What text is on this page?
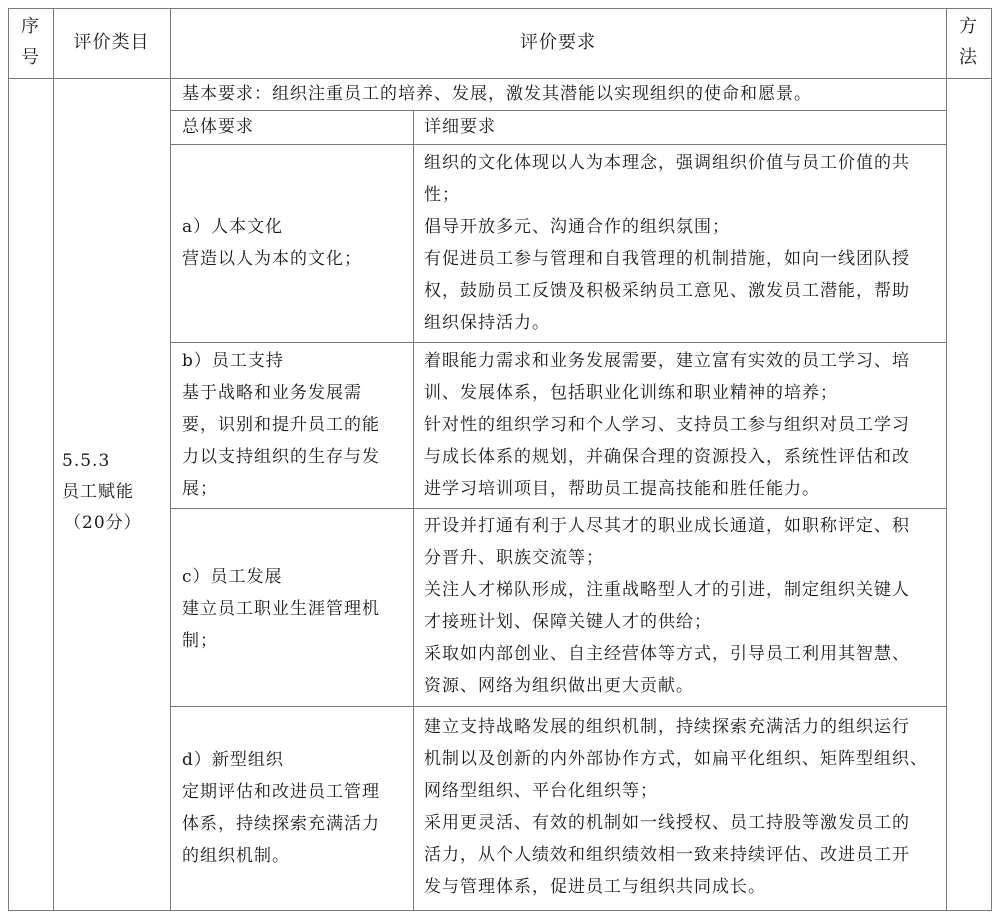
序
号
评价类目	评价要求
方
法
5.5.3
员工赋能
（20分）
基本要求：组织注重员工的培养、发展，激发其潜能以实现组织的使命和愿景。
总体要求	详细要求
a）人本文化
营造以人为本的文化；
组织的文化体现以人为本理念，强调组织价值与员工价值的共
性；
倡导开放多元、沟通合作的组织氛围；
有促进员工参与管理和自我管理的机制措施，如向一线团队授
权，鼓励员工反馈及积极采纳员工意见、激发员工潜能，帮助
组织保持活力。
b）员工支持
基于战略和业务发展需
要，识别和提升员工的能
力以支持组织的生存与发
展；
着眼能力需求和业务发展需要，建立富有实效的员工学习、培
训、发展体系，包括职业化训练和职业精神的培养；
针对性的组织学习和个人学习、支持员工参与组织对员工学习
与成长体系的规划，并确保合理的资源投入，系统性评估和改
进学习培训项目，帮助员工提高技能和胜任能力。
c）员工发展
建立员工职业生涯管理机
制；
开设并打通有利于人尽其才的职业成长通道，如职称评定、积
分晋升、职族交流等；
关注人才梯队形成，注重战略型人才的引进，制定组织关键人
才接班计划、保障关键人才的供给；
采取如内部创业、自主经营体等方式，引导员工利用其智慧、
资源、网络为组织做出更大贡献。
d）新型组织
定期评估和改进员工管理
体系，持续探索充满活力
的组织机制。
建立支持战略发展的组织机制，持续探索充满活力的组织运行
机制以及创新的内外部协作方式，如扁平化组织、矩阵型组织、
网络型组织、平台化组织等；
采用更灵活、有效的机制如一线授权、员工持股等激发员工的
活力，从个人绩效和组织绩效相一致来持续评估、改进员工开
发与管理体系，促进员工与组织共同成长。
